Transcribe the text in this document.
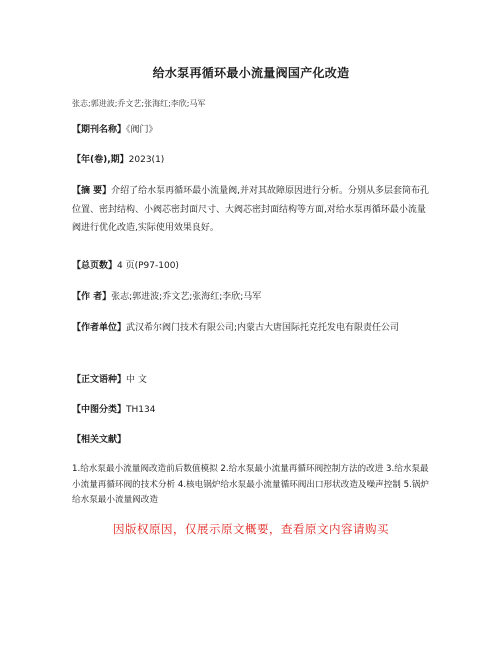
给水泵再循环最小流量阀国产化改造
张志;郭进波;乔文艺;张海红;李欣;马军
【期刊名称】《阀门》
【年(卷),期】2023(1)
【摘 要】介绍了给水泵再循环最小流量阀,并对其故障原因进行分析。分别从多层套筒布孔位置、密封结构、小阀芯密封面尺寸、大阀芯密封面结构等方面,对给水泵再循环最小流量阀进行优化改造,实际使用效果良好。
【总页数】4 页(P97-100)
【作 者】张志;郭进波;乔文艺;张海红;李欣;马军
【作者单位】武汉希尔阀门技术有限公司;内蒙古大唐国际托克托发电有限责任公司
【正文语种】中 文
【中图分类】TH134
【相关文献】
1.给水泵最小流量阀改造前后数值模拟 2.给水泵最小流量再循环阀控制方法的改进 3.给水泵最小流量再循环阀的技术分析 4.核电锅炉给水泵最小流量循环阀出口形状改造及噪声控制 5.锅炉给水泵最小流量阀改造
因版权原因，仅展示原文概要，查看原文内容请购买
